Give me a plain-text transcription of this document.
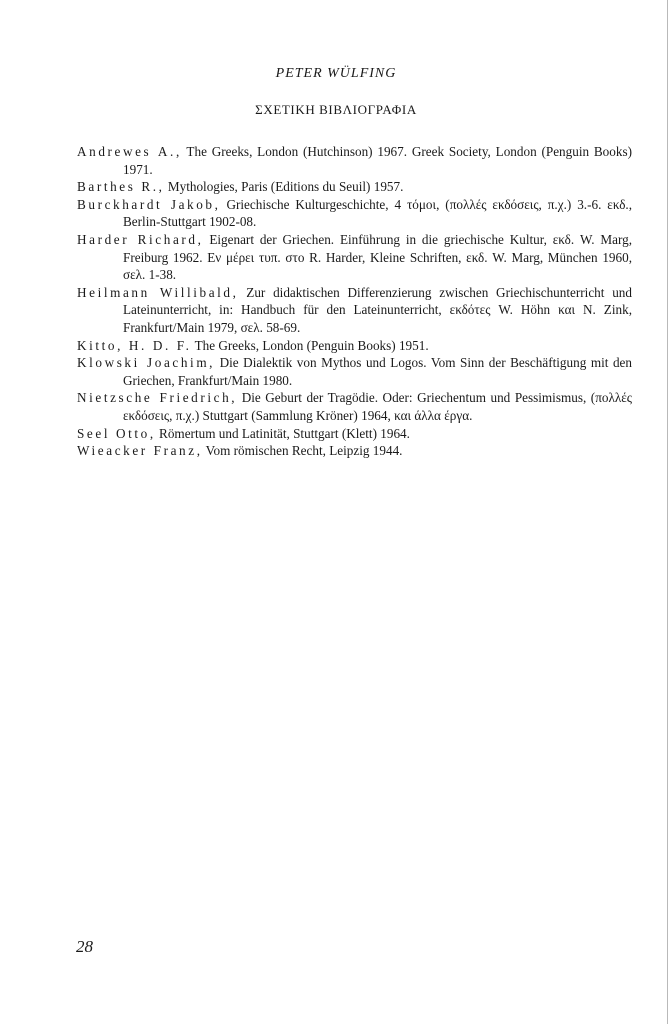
PETER WÜLFING
ΣΧΕΤΙΚΗ ΒΙΒΛΙΟΓΡΑΦΙΑ

Andrewes A., The Greeks, London (Hutchinson) 1967. Greek Society, London (Penguin Books) 1971.

Barthes R., Mythologies, Paris (Editions du Seuil) 1957.

Burckhardt Jakob, Griechische Kulturgeschichte, 4 τόμοι, (πολλές εκδόσεις, π.χ.) 3.-6. εκδ., Berlin-Stuttgart 1902-08.

Harder Richard, Eigenart der Griechen. Einführung in die griechische Kultur, εκδ. W. Marg, Freiburg 1962. Εν μέρει τυπ. στο R. Harder, Kleine Schriften, εκδ. W. Marg, München 1960, σελ. 1-38.

Heilmann Willibald, Zur didaktischen Differenzierung zwischen Griechischunterricht und Lateinunterricht, in: Handbuch für den Lateinunterricht, εκδότες W. Höhn και N. Zink, Frankfurt/Main 1979, σελ. 58-69.

Kitto, H. D. F. The Greeks, London (Penguin Books) 1951.

Klowski Joachim, Die Dialektik von Mythos und Logos. Vom Sinn der Beschäftigung mit den Griechen, Frankfurt/Main 1980.

Nietzsche Friedrich, Die Geburt der Tragödie. Oder: Griechentum und Pessimismus, (πολλές εκδόσεις, π.χ.) Stuttgart (Sammlung Kröner) 1964, και άλλα έργα.

Seel Otto, Römertum und Latinität, Stuttgart (Klett) 1964.

Wieacker Franz, Vom römischen Recht, Leipzig 1944.

28
